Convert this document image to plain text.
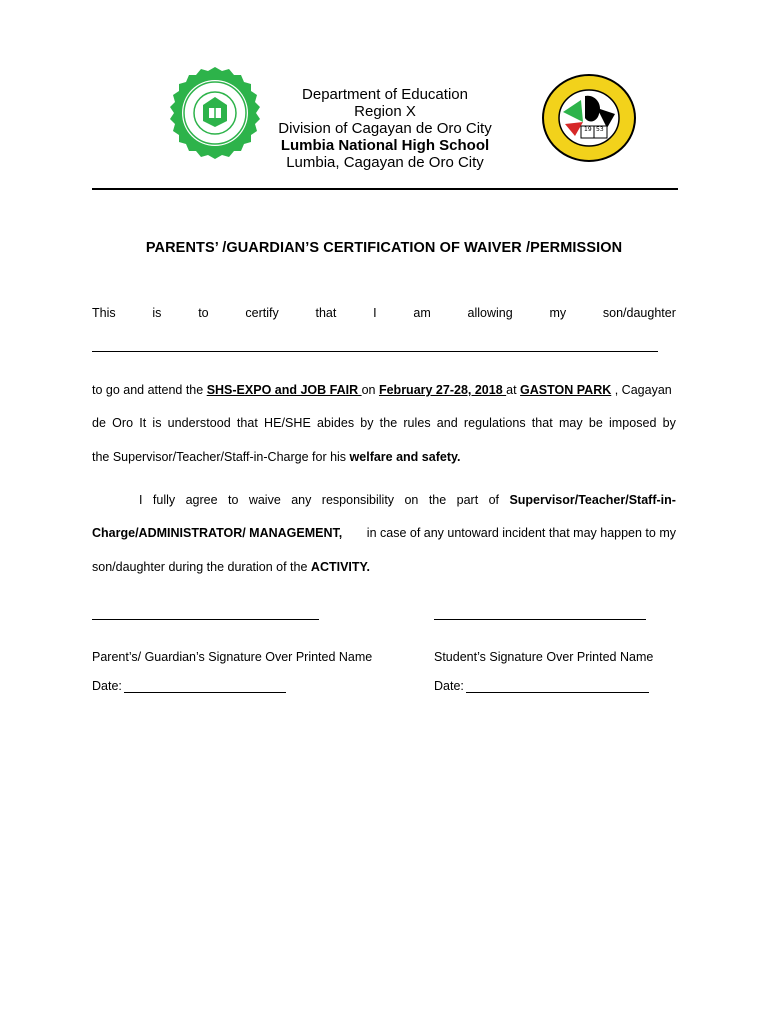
Department of Education
Region X
Division of Cagayan de Oro City
Lumbia National High School
Lumbia, Cagayan de Oro City
19 53
PARENTS’ /GUARDIAN’S CERTIFICATION OF WAIVER /PERMISSION
This	is	to	certify	that	I	am	allowing	my	son/daughter
to go and attend the SHS-EXPO and JOB FAIR on February 27-28, 2018 at GASTON PARK , Cagayan
de Oro It is understood that HE/SHE abides by the rules and regulations that may be imposed by
the Supervisor/Teacher/Staff-in-Charge for his welfare and safety.
I fully agree to waive any responsibility on the part of Supervisor/Teacher/Staff-in-
Charge/ADMINISTRATOR/ MANAGEMENT, in case of any untoward incident that may happen to my
son/daughter during the duration of the ACTIVITY.
Parent’s/ Guardian’s Signature Over Printed Name	Student’s Signature Over Printed Name
Date:	Date:
